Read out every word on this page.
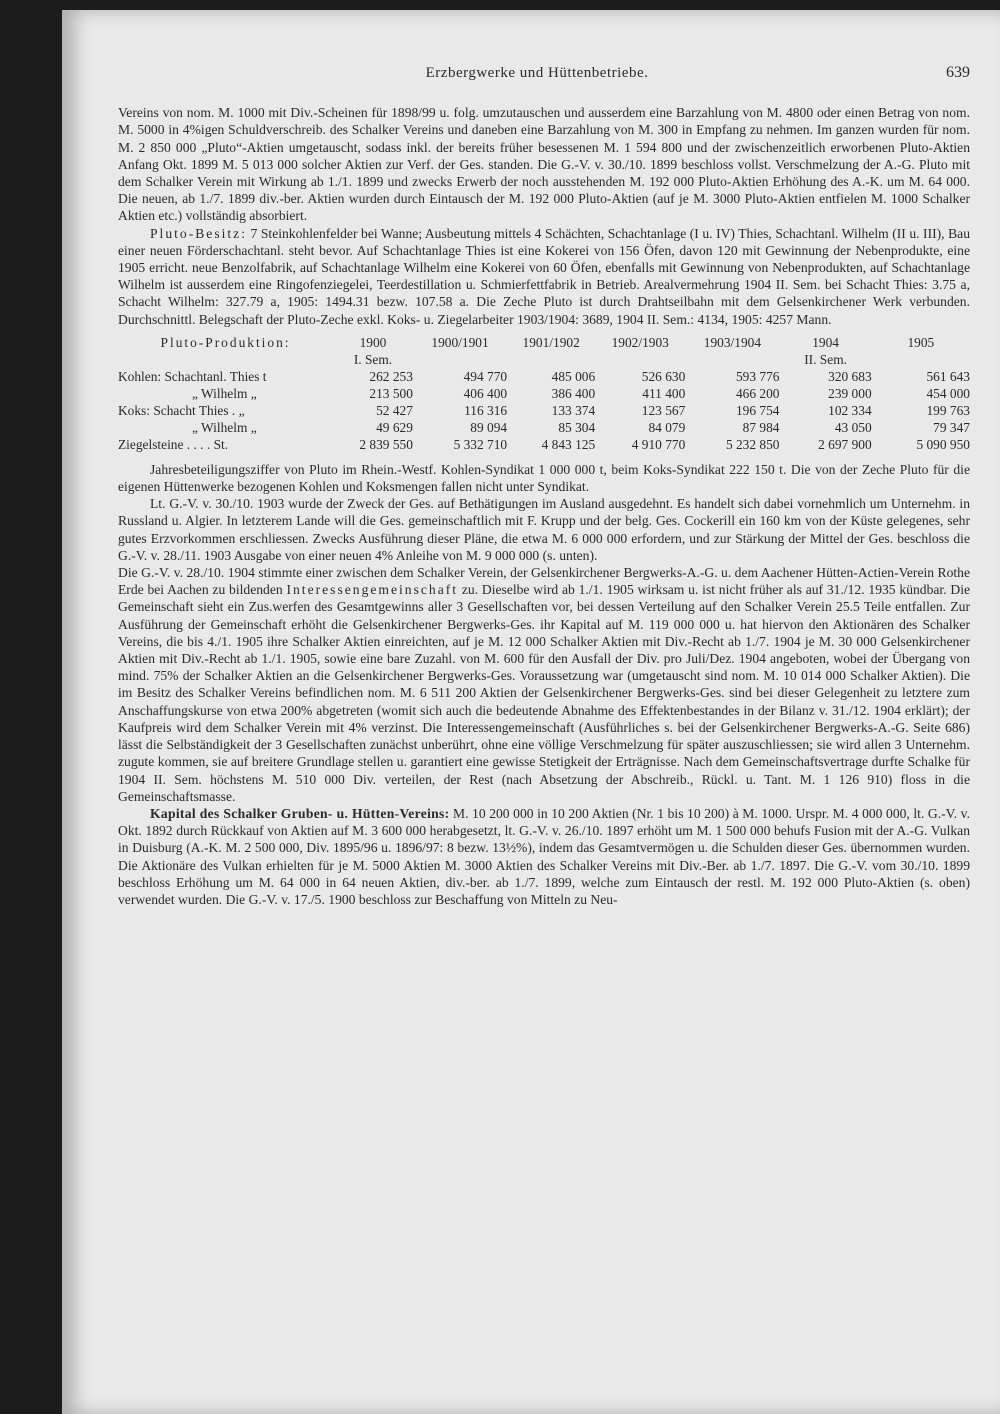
Erzbergwerke und Hüttenbetriebe.	639

Vereins von nom. M. 1000 mit Div.-Scheinen für 1898/99 u. folg. umzutauschen und ausserdem eine Barzahlung von M. 4800 oder einen Betrag von nom. M. 5000 in 4%igen Schuldverschreib. des Schalker Vereins und daneben eine Barzahlung von M. 300 in Empfang zu nehmen. Im ganzen wurden für nom. M. 2 850 000 „Pluto“-Aktien umgetauscht, sodass inkl. der bereits früher besessenen M. 1 594 800 und der zwischenzeitlich erworbenen Pluto-Aktien Anfang Okt. 1899 M. 5 013 000 solcher Aktien zur Verf. der Ges. standen. Die G.-V. v. 30./10. 1899 beschloss vollst. Verschmelzung der A.-G. Pluto mit dem Schalker Verein mit Wirkung ab 1./1. 1899 und zwecks Erwerb der noch ausstehenden M. 192 000 Pluto-Aktien Erhöhung des A.-K. um M. 64 000. Die neuen, ab 1./7. 1899 div.-ber. Aktien wurden durch Eintausch der M. 192 000 Pluto-Aktien (auf je M. 3000 Pluto-Aktien entfielen M. 1000 Schalker Aktien etc.) vollständig absorbiert.

Pluto-Besitz: 7 Steinkohlenfelder bei Wanne; Ausbeutung mittels 4 Schächten, Schachtanlage (I u. IV) Thies, Schachtanl. Wilhelm (II u. III), Bau einer neuen Förderschachtanl. steht bevor. Auf Schachtanlage Thies ist eine Kokerei von 156 Öfen, davon 120 mit Gewinnung der Nebenprodukte, eine 1905 erricht. neue Benzolfabrik, auf Schachtanlage Wilhelm eine Kokerei von 60 Öfen, ebenfalls mit Gewinnung von Nebenprodukten, auf Schachtanlage Wilhelm ist ausserdem eine Ringofenziegelei, Teerdestillation u. Schmierfettfabrik in Betrieb. Arealvermehrung 1904 II. Sem. bei Schacht Thies: 3.75 a, Schacht Wilhelm: 327.79 a, 1905: 1494.31 bezw. 107.58 a. Die Zeche Pluto ist durch Drahtseilbahn mit dem Gelsenkirchener Werk verbunden. Durchschnittl. Belegschaft der Pluto-Zeche exkl. Koks- u. Ziegelarbeiter 1903/1904: 3689, 1904 II. Sem.: 4134, 1905: 4257 Mann.

Pluto-Produktion:	1900	1900/1901	1901/1902	1902/1903	1903/1904	1904	1905
	I. Sem.					II. Sem.	
Kohlen: Schachtanl. Thies t	262 253	494 770	485 006	526 630	593 776	320 683	561 643
„ Wilhelm „	213 500	406 400	386 400	411 400	466 200	239 000	454 000
Koks: Schacht Thies . „	52 427	116 316	133 374	123 567	196 754	102 334	199 763
„ Wilhelm „	49 629	89 094	85 304	84 079	87 984	43 050	79 347
Ziegelsteine . . . . St.	2 839 550	5 332 710	4 843 125	4 910 770	5 232 850	2 697 900	5 090 950

Jahresbeteiligungsziffer von Pluto im Rhein.-Westf. Kohlen-Syndikat 1 000 000 t, beim Koks-Syndikat 222 150 t. Die von der Zeche Pluto für die eigenen Hüttenwerke bezogenen Kohlen und Koksmengen fallen nicht unter Syndikat.

Lt. G.-V. v. 30./10. 1903 wurde der Zweck der Ges. auf Bethätigungen im Ausland ausgedehnt. Es handelt sich dabei vornehmlich um Unternehm. in Russland u. Algier. In letzterem Lande will die Ges. gemeinschaftlich mit F. Krupp und der belg. Ges. Cockerill ein 160 km von der Küste gelegenes, sehr gutes Erzvorkommen erschliessen. Zwecks Ausführung dieser Pläne, die etwa M. 6 000 000 erfordern, und zur Stärkung der Mittel der Ges. beschloss die G.-V. v. 28./11. 1903 Ausgabe von einer neuen 4% Anleihe von M. 9 000 000 (s. unten).

Die G.-V. v. 28./10. 1904 stimmte einer zwischen dem Schalker Verein, der Gelsenkirchener Bergwerks-A.-G. u. dem Aachener Hütten-Actien-Verein Rothe Erde bei Aachen zu bildenden Interessengemeinschaft zu. Dieselbe wird ab 1./1. 1905 wirksam u. ist nicht früher als auf 31./12. 1935 kündbar. Die Gemeinschaft sieht ein Zus.werfen des Gesamtgewinns aller 3 Gesellschaften vor, bei dessen Verteilung auf den Schalker Verein 25.5 Teile entfallen. Zur Ausführung der Gemeinschaft erhöht die Gelsenkirchener Bergwerks-Ges. ihr Kapital auf M. 119 000 000 u. hat hiervon den Aktionären des Schalker Vereins, die bis 4./1. 1905 ihre Schalker Aktien einreichten, auf je M. 12 000 Schalker Aktien mit Div.-Recht ab 1./7. 1904 je M. 30 000 Gelsenkirchener Aktien mit Div.-Recht ab 1./1. 1905, sowie eine bare Zuzahl. von M. 600 für den Ausfall der Div. pro Juli/Dez. 1904 angeboten, wobei der Übergang von mind. 75% der Schalker Aktien an die Gelsenkirchener Bergwerks-Ges. Voraussetzung war (umgetauscht sind nom. M. 10 014 000 Schalker Aktien). Die im Besitz des Schalker Vereins befindlichen nom. M. 6 511 200 Aktien der Gelsenkirchener Bergwerks-Ges. sind bei dieser Gelegenheit zu letztere zum Anschaffungskurse von etwa 200% abgetreten (womit sich auch die bedeutende Abnahme des Effektenbestandes in der Bilanz v. 31./12. 1904 erklärt); der Kaufpreis wird dem Schalker Verein mit 4% verzinst. Die Interessengemeinschaft (Ausführliches s. bei der Gelsenkirchener Bergwerks-A.-G. Seite 686) lässt die Selbständigkeit der 3 Gesellschaften zunächst unberührt, ohne eine völlige Verschmelzung für später auszuschliessen; sie wird allen 3 Unternehm. zugute kommen, sie auf breitere Grundlage stellen u. garantiert eine gewisse Stetigkeit der Erträgnisse. Nach dem Gemeinschaftsvertrage durfte Schalke für 1904 II. Sem. höchstens M. 510 000 Div. verteilen, der Rest (nach Absetzung der Abschreib., Rückl. u. Tant. M. 1 126 910) floss in die Gemeinschaftsmasse.

Kapital des Schalker Gruben- u. Hütten-Vereins: M. 10 200 000 in 10 200 Aktien (Nr. 1 bis 10 200) à M. 1000. Urspr. M. 4 000 000, lt. G.-V. v. Okt. 1892 durch Rückkauf von Aktien auf M. 3 600 000 herabgesetzt, lt. G.-V. v. 26./10. 1897 erhöht um M. 1 500 000 behufs Fusion mit der A.-G. Vulkan in Duisburg (A.-K. M. 2 500 000, Div. 1895/96 u. 1896/97: 8 bezw. 13½%), indem das Gesamtvermögen u. die Schulden dieser Ges. übernommen wurden. Die Aktionäre des Vulkan erhielten für je M. 5000 Aktien M. 3000 Aktien des Schalker Vereins mit Div.-Ber. ab 1./7. 1897. Die G.-V. vom 30./10. 1899 beschloss Erhöhung um M. 64 000 in 64 neuen Aktien, div.-ber. ab 1./7. 1899, welche zum Eintausch der restl. M. 192 000 Pluto-Aktien (s. oben) verwendet wurden. Die G.-V. v. 17./5. 1900 beschloss zur Beschaffung von Mitteln zu Neu-
